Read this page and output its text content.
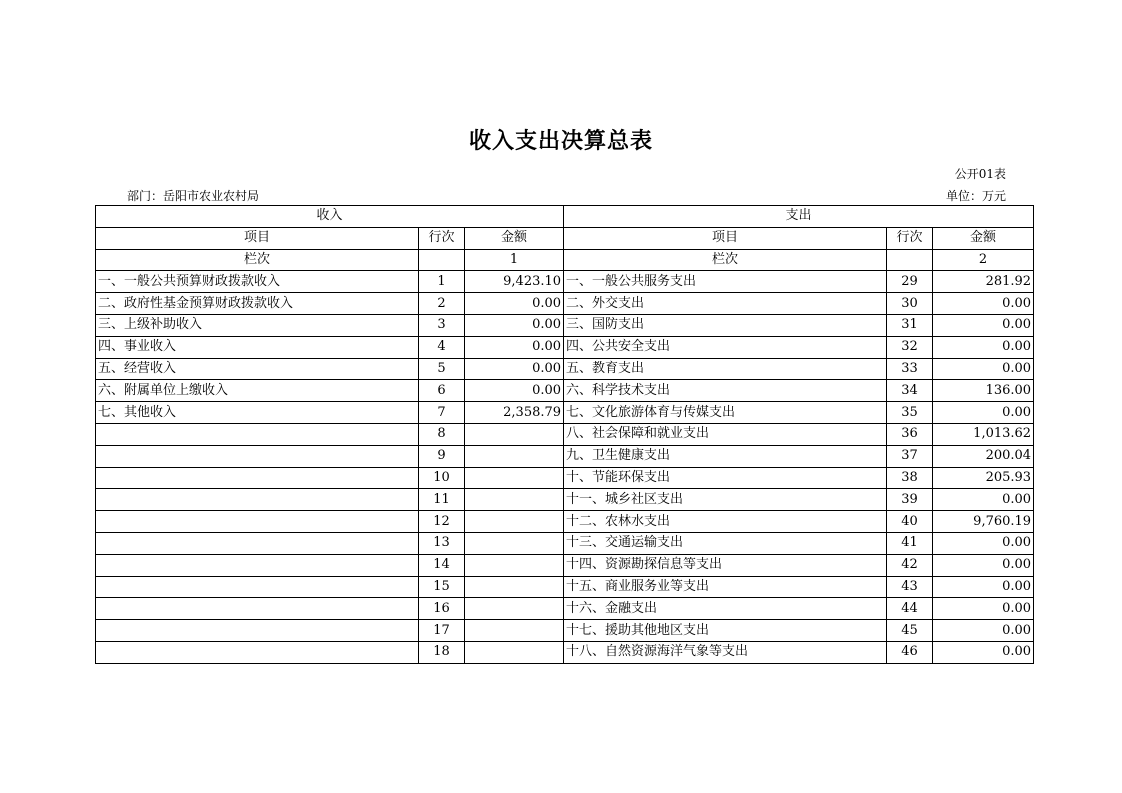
收入支出决算总表
公开01表
部门：岳阳市农业农村局	单位：万元
收入			支出		
项目	行次	金额	项目	行次	金额
栏次		1	栏次		2
一、一般公共预算财政拨款收入	1	9,423.10	一、一般公共服务支出	29	281.92
二、政府性基金预算财政拨款收入	2	0.00	二、外交支出	30	0.00
三、上级补助收入	3	0.00	三、国防支出	31	0.00
四、事业收入	4	0.00	四、公共安全支出	32	0.00
五、经营收入	5	0.00	五、教育支出	33	0.00
六、附属单位上缴收入	6	0.00	六、科学技术支出	34	136.00
七、其他收入	7	2,358.79	七、文化旅游体育与传媒支出	35	0.00
	8		八、社会保障和就业支出	36	1,013.62
	9		九、卫生健康支出	37	200.04
	10		十、节能环保支出	38	205.93
	11		十一、城乡社区支出	39	0.00
	12		十二、农林水支出	40	9,760.19
	13		十三、交通运输支出	41	0.00
	14		十四、资源勘探信息等支出	42	0.00
	15		十五、商业服务业等支出	43	0.00
	16		十六、金融支出	44	0.00
	17		十七、援助其他地区支出	45	0.00
	18		十八、自然资源海洋气象等支出	46	0.00
